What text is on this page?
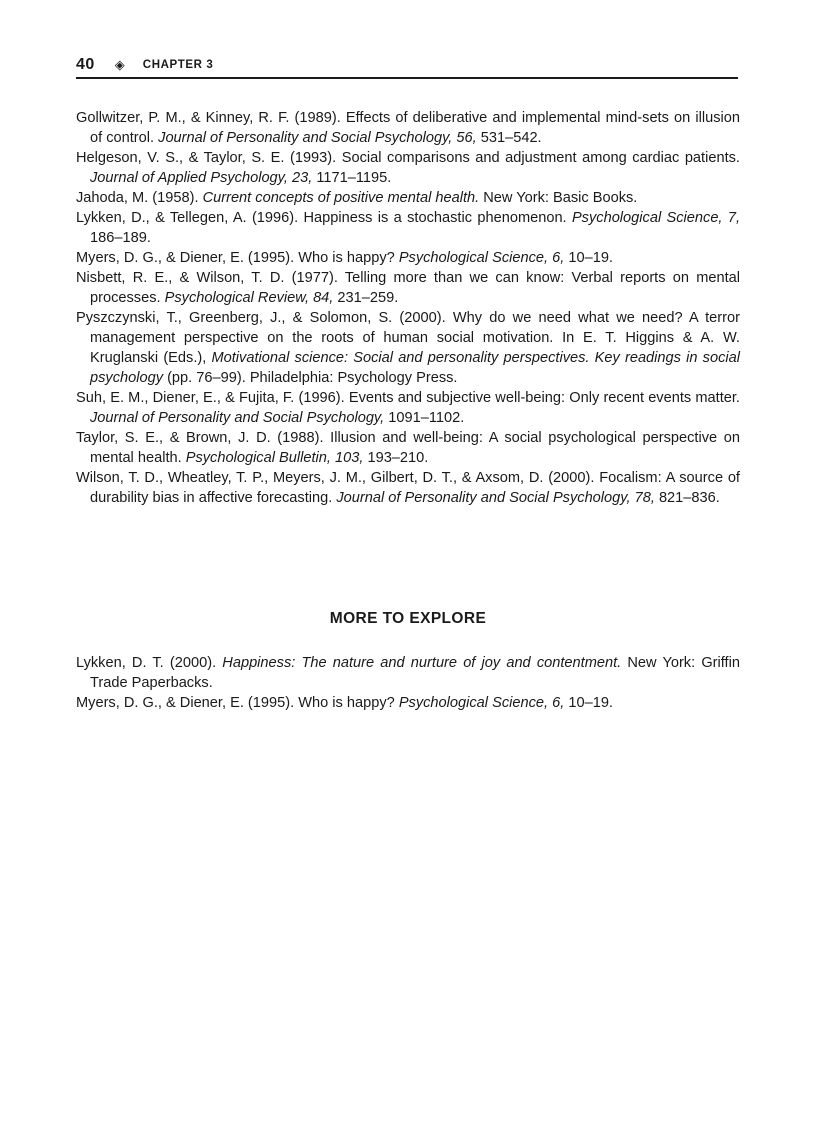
40 ◈ CHAPTER 3
Gollwitzer, P. M., & Kinney, R. F. (1989). Effects of deliberative and implemental mind-sets on illusion of control. Journal of Personality and Social Psychology, 56, 531–542.
Helgeson, V. S., & Taylor, S. E. (1993). Social comparisons and adjustment among cardiac patients. Journal of Applied Psychology, 23, 1171–1195.
Jahoda, M. (1958). Current concepts of positive mental health. New York: Basic Books.
Lykken, D., & Tellegen, A. (1996). Happiness is a stochastic phenomenon. Psychological Science, 7, 186–189.
Myers, D. G., & Diener, E. (1995). Who is happy? Psychological Science, 6, 10–19.
Nisbett, R. E., & Wilson, T. D. (1977). Telling more than we can know: Verbal reports on mental processes. Psychological Review, 84, 231–259.
Pyszczynski, T., Greenberg, J., & Solomon, S. (2000). Why do we need what we need? A terror management perspective on the roots of human social motivation. In E. T. Higgins & A. W. Kruglanski (Eds.), Motivational science: Social and personality perspectives. Key readings in social psychology (pp. 76–99). Philadelphia: Psychology Press.
Suh, E. M., Diener, E., & Fujita, F. (1996). Events and subjective well-being: Only recent events matter. Journal of Personality and Social Psychology, 1091–1102.
Taylor, S. E., & Brown, J. D. (1988). Illusion and well-being: A social psychological perspective on mental health. Psychological Bulletin, 103, 193–210.
Wilson, T. D., Wheatley, T. P., Meyers, J. M., Gilbert, D. T., & Axsom, D. (2000). Focalism: A source of durability bias in affective forecasting. Journal of Personality and Social Psychology, 78, 821–836.
MORE TO EXPLORE
Lykken, D. T. (2000). Happiness: The nature and nurture of joy and contentment. New York: Griffin Trade Paperbacks.
Myers, D. G., & Diener, E. (1995). Who is happy? Psychological Science, 6, 10–19.
